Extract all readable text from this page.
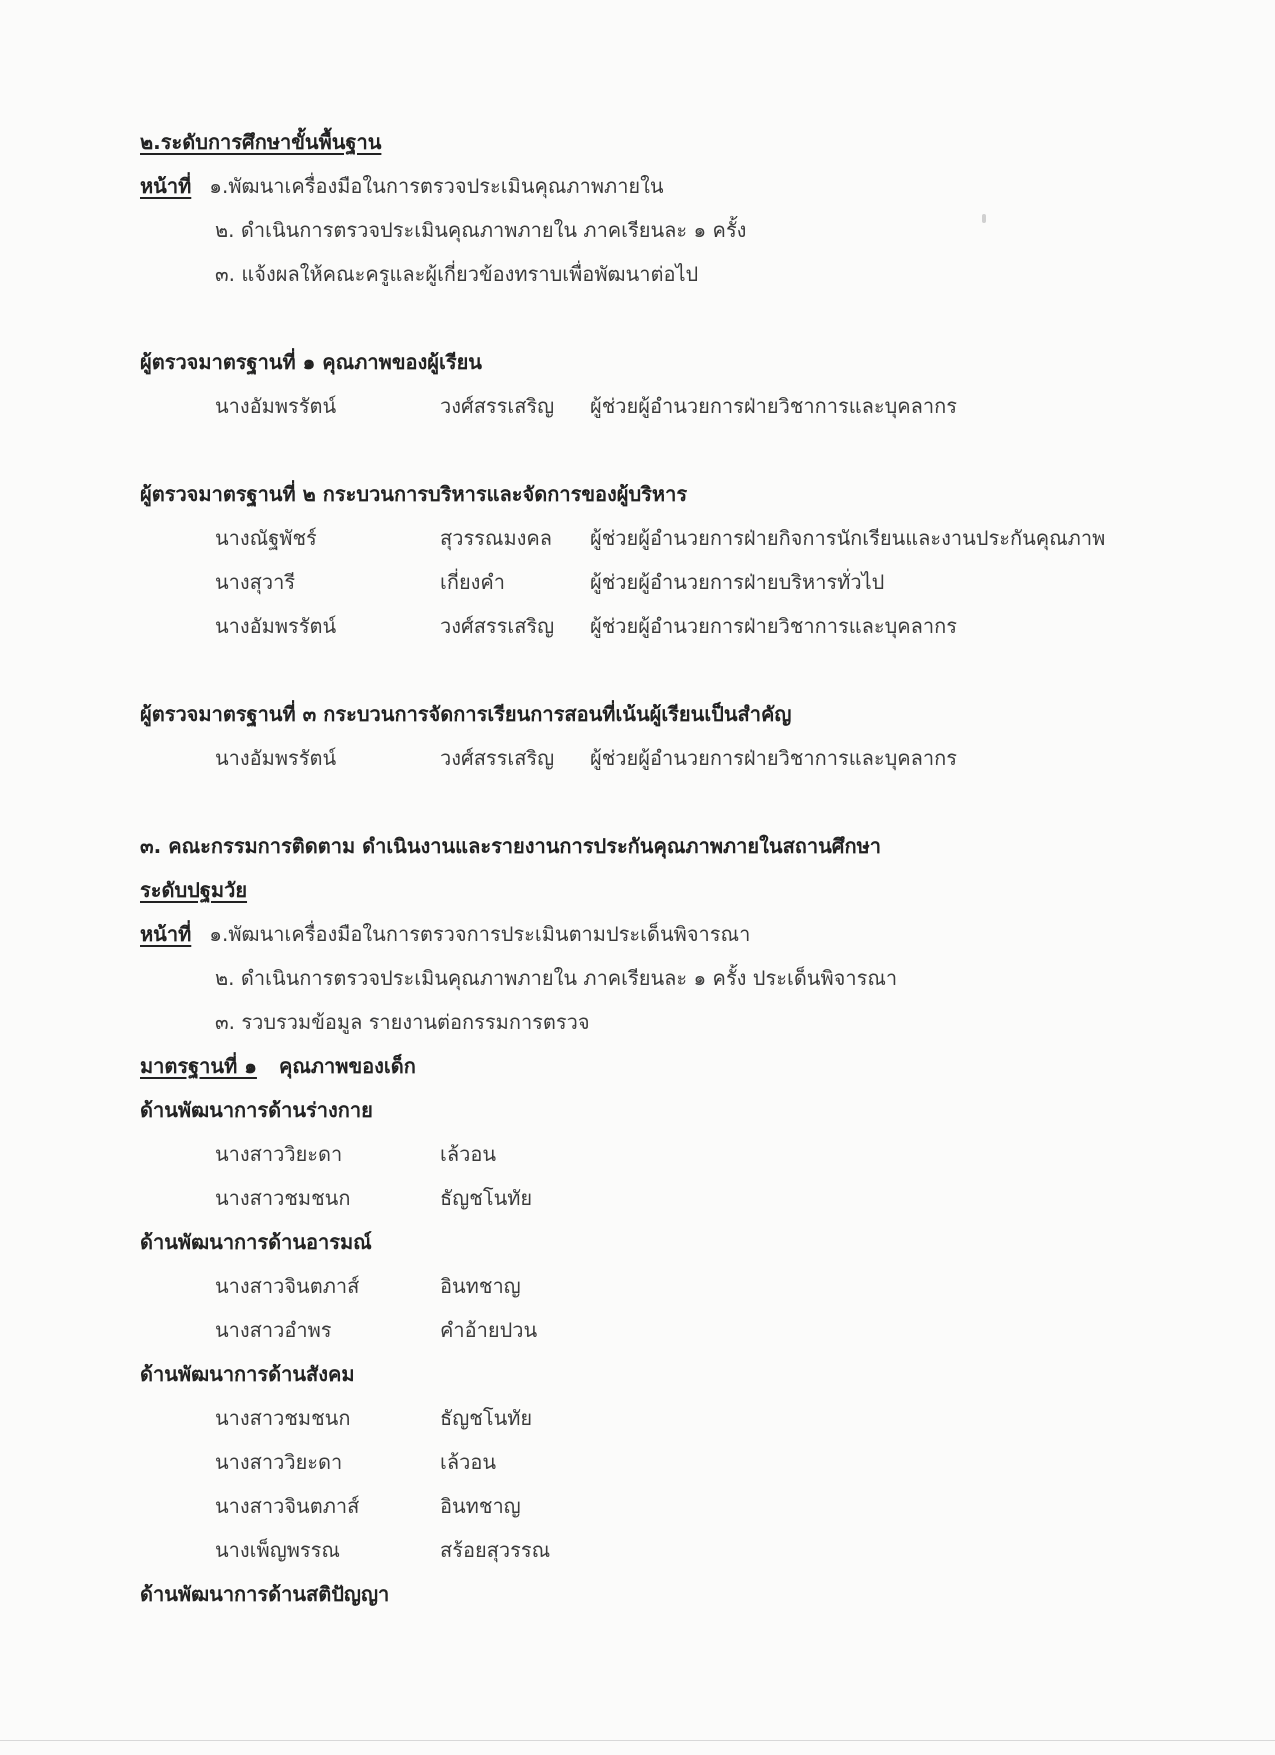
๒.ระดับการศึกษาขั้นพื้นฐาน
หน้าที่ ๑.พัฒนาเครื่องมือในการตรวจประเมินคุณภาพภายใน
๒. ดำเนินการตรวจประเมินคุณภาพภายใน ภาคเรียนละ ๑ ครั้ง
๓. แจ้งผลให้คณะครูและผู้เกี่ยวข้องทราบเพื่อพัฒนาต่อไป
ผู้ตรวจมาตรฐานที่ ๑ คุณภาพของผู้เรียน
นางอัมพรรัตน์	วงศ์สรรเสริญ ผู้ช่วยผู้อำนวยการฝ่ายวิชาการและบุคลากร
ผู้ตรวจมาตรฐานที่ ๒ กระบวนการบริหารและจัดการของผู้บริหาร
นางณัฐพัชร์	สุวรรณมงคล ผู้ช่วยผู้อำนวยการฝ่ายกิจการนักเรียนและงานประกันคุณภาพ
นางสุวารี	เกี่ยงคำ	ผู้ช่วยผู้อำนวยการฝ่ายบริหารทั่วไป
นางอัมพรรัตน์	วงศ์สรรเสริญ ผู้ช่วยผู้อำนวยการฝ่ายวิชาการและบุคลากร
ผู้ตรวจมาตรฐานที่ ๓ กระบวนการจัดการเรียนการสอนที่เน้นผู้เรียนเป็นสำคัญ
นางอัมพรรัตน์	วงศ์สรรเสริญ ผู้ช่วยผู้อำนวยการฝ่ายวิชาการและบุคลากร
๓. คณะกรรมการติดตาม ดำเนินงานและรายงานการประกันคุณภาพภายในสถานศึกษา
ระดับปฐมวัย
หน้าที่ ๑.พัฒนาเครื่องมือในการตรวจการประเมินตามประเด็นพิจารณา
๒. ดำเนินการตรวจประเมินคุณภาพภายใน ภาคเรียนละ ๑ ครั้ง ประเด็นพิจารณา
๓. รวบรวมข้อมูล รายงานต่อกรรมการตรวจ
มาตรฐานที่ ๑ คุณภาพของเด็ก
ด้านพัฒนาการด้านร่างกาย
นางสาววิยะดา	เล้วอน
นางสาวชมชนก	ธัญชโนทัย
ด้านพัฒนาการด้านอารมณ์
นางสาวจินตภาส์	อินทชาญ
นางสาวอำพร	คำอ้ายปวน
ด้านพัฒนาการด้านสังคม
นางสาวชมชนก	ธัญชโนทัย
นางสาววิยะดา	เล้วอน
นางสาวจินตภาส์	อินทชาญ
นางเพ็ญพรรณ	สร้อยสุวรรณ
ด้านพัฒนาการด้านสติปัญญา
